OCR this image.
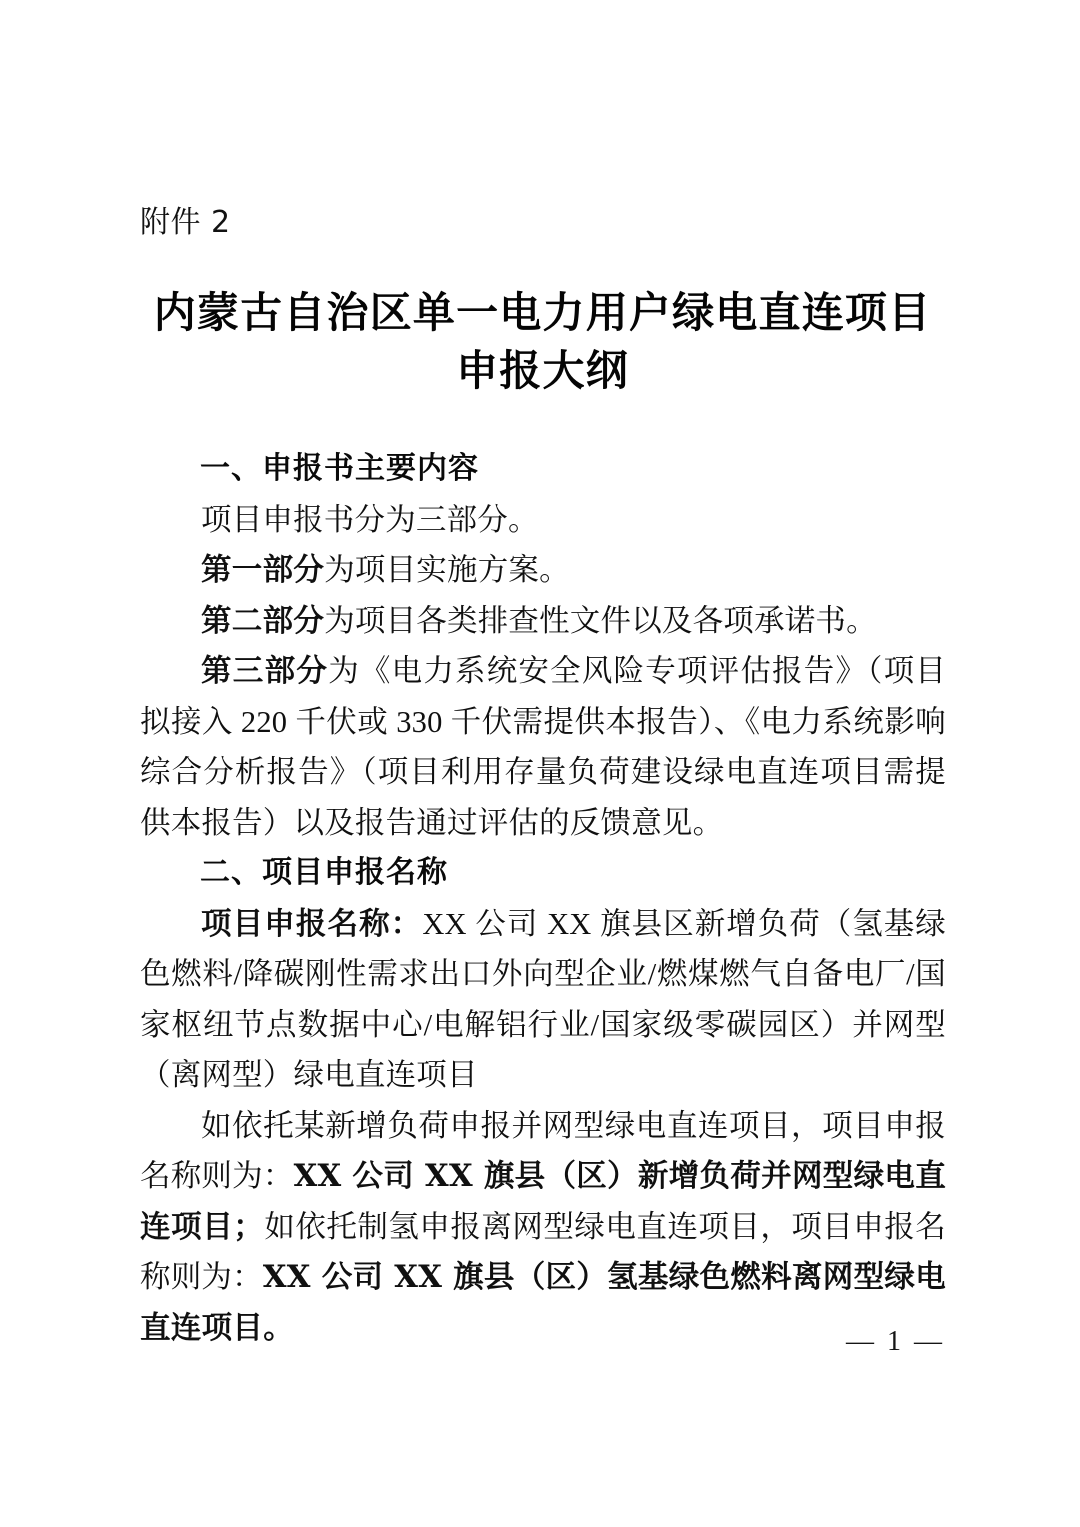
附件 2
内蒙古自治区单一电力用户绿电直连项目
申报大纲
一、申报书主要内容

项目申报书分为三部分。

第一部分为项目实施方案。

第二部分为项目各类排查性文件以及各项承诺书。

第三部分为《电力系统安全风险专项评估报告》（项目拟接入 220 千伏或 330 千伏需提供本报告）、《电力系统影响综合分析报告》（项目利用存量负荷建设绿电直连项目需提供本报告）以及报告通过评估的反馈意见。

二、项目申报名称

项目申报名称：XX 公司 XX 旗县区新增负荷（氢基绿色燃料/降碳刚性需求出口外向型企业/燃煤燃气自备电厂/国家枢纽节点数据中心/电解铝行业/国家级零碳园区）并网型（离网型）绿电直连项目

如依托某新增负荷申报并网型绿电直连项目，项目申报名称则为：XX 公司 XX 旗县（区）新增负荷并网型绿电直连项目；如依托制氢申报离网型绿电直连项目，项目申报名称则为：XX 公司 XX 旗县（区）氢基绿色燃料离网型绿电直连项目。	— 1 —
